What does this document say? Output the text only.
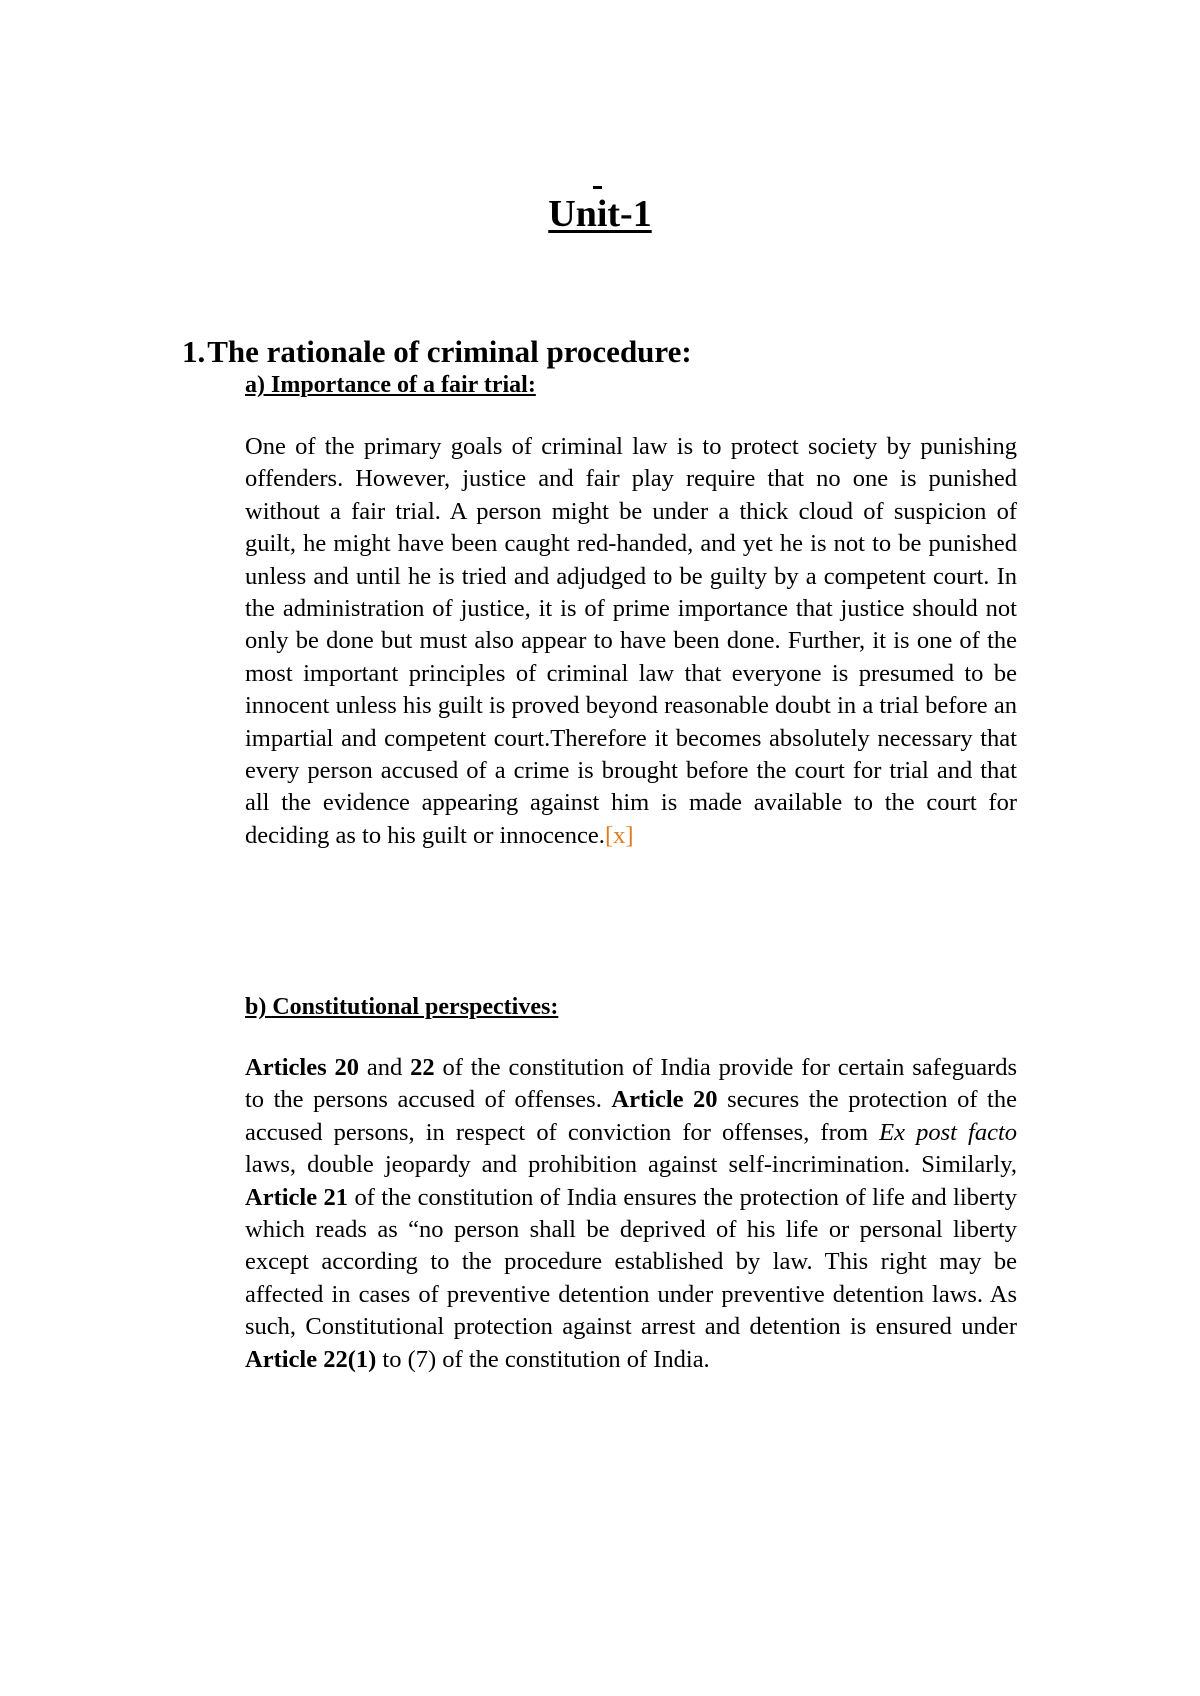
Unit-1
1.The rationale of criminal procedure:
a) Importance of a fair trial:

One of the primary goals of criminal law is to protect society by punishing offenders. However, justice and fair play require that no one is punished without a fair trial. A person might be under a thick cloud of suspicion of guilt, he might have been caught red-handed, and yet he is not to be punished unless and until he is tried and adjudged to be guilty by a competent court. In the administration of justice, it is of prime importance that justice should not only be done but must also appear to have been done. Further, it is one of the most important principles of criminal law that everyone is presumed to be innocent unless his guilt is proved beyond reasonable doubt in a trial before an impartial and competent court.Therefore it becomes absolutely necessary that every person accused of a crime is brought before the court for trial and that all the evidence appearing against him is made available to the court for deciding as to his guilt or innocence.[x]

b) Constitutional perspectives:

Articles 20 and 22 of the constitution of India provide for certain safeguards to the persons accused of offenses. Article 20 secures the protection of the accused persons, in respect of conviction for offenses, from Ex post facto laws, double jeopardy and prohibition against self-incrimination. Similarly, Article 21 of the constitution of India ensures the protection of life and liberty which reads as “no person shall be deprived of his life or personal liberty except according to the procedure established by law. This right may be affected in cases of preventive detention under preventive detention laws. As such, Constitutional protection against arrest and detention is ensured under Article 22(1) to (7) of the constitution of India.
